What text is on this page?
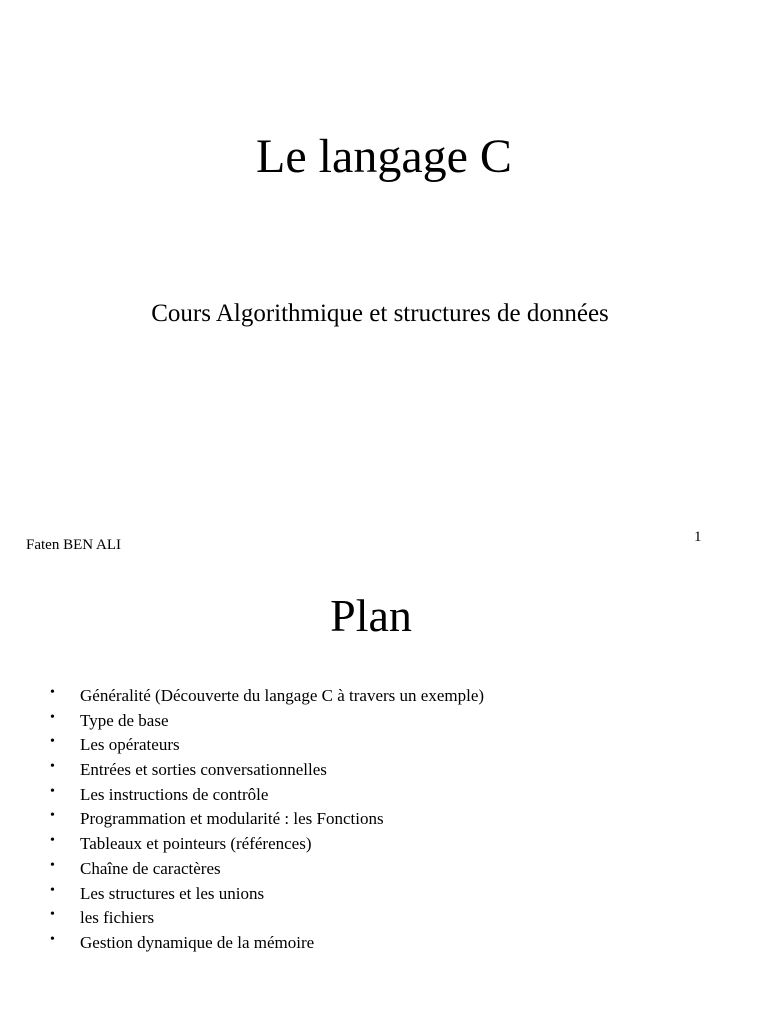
Le langage C
Cours Algorithmique et structures de données
Faten BEN ALI	1
Plan
• Généralité (Découverte du langage C à travers un exemple)
• Type de base
• Les opérateurs
• Entrées et sorties conversationnelles
• Les instructions de contrôle
• Programmation et modularité : les Fonctions
• Tableaux et pointeurs (références)
• Chaîne de caractères
• Les structures et les unions
• les fichiers
• Gestion dynamique de la mémoire
